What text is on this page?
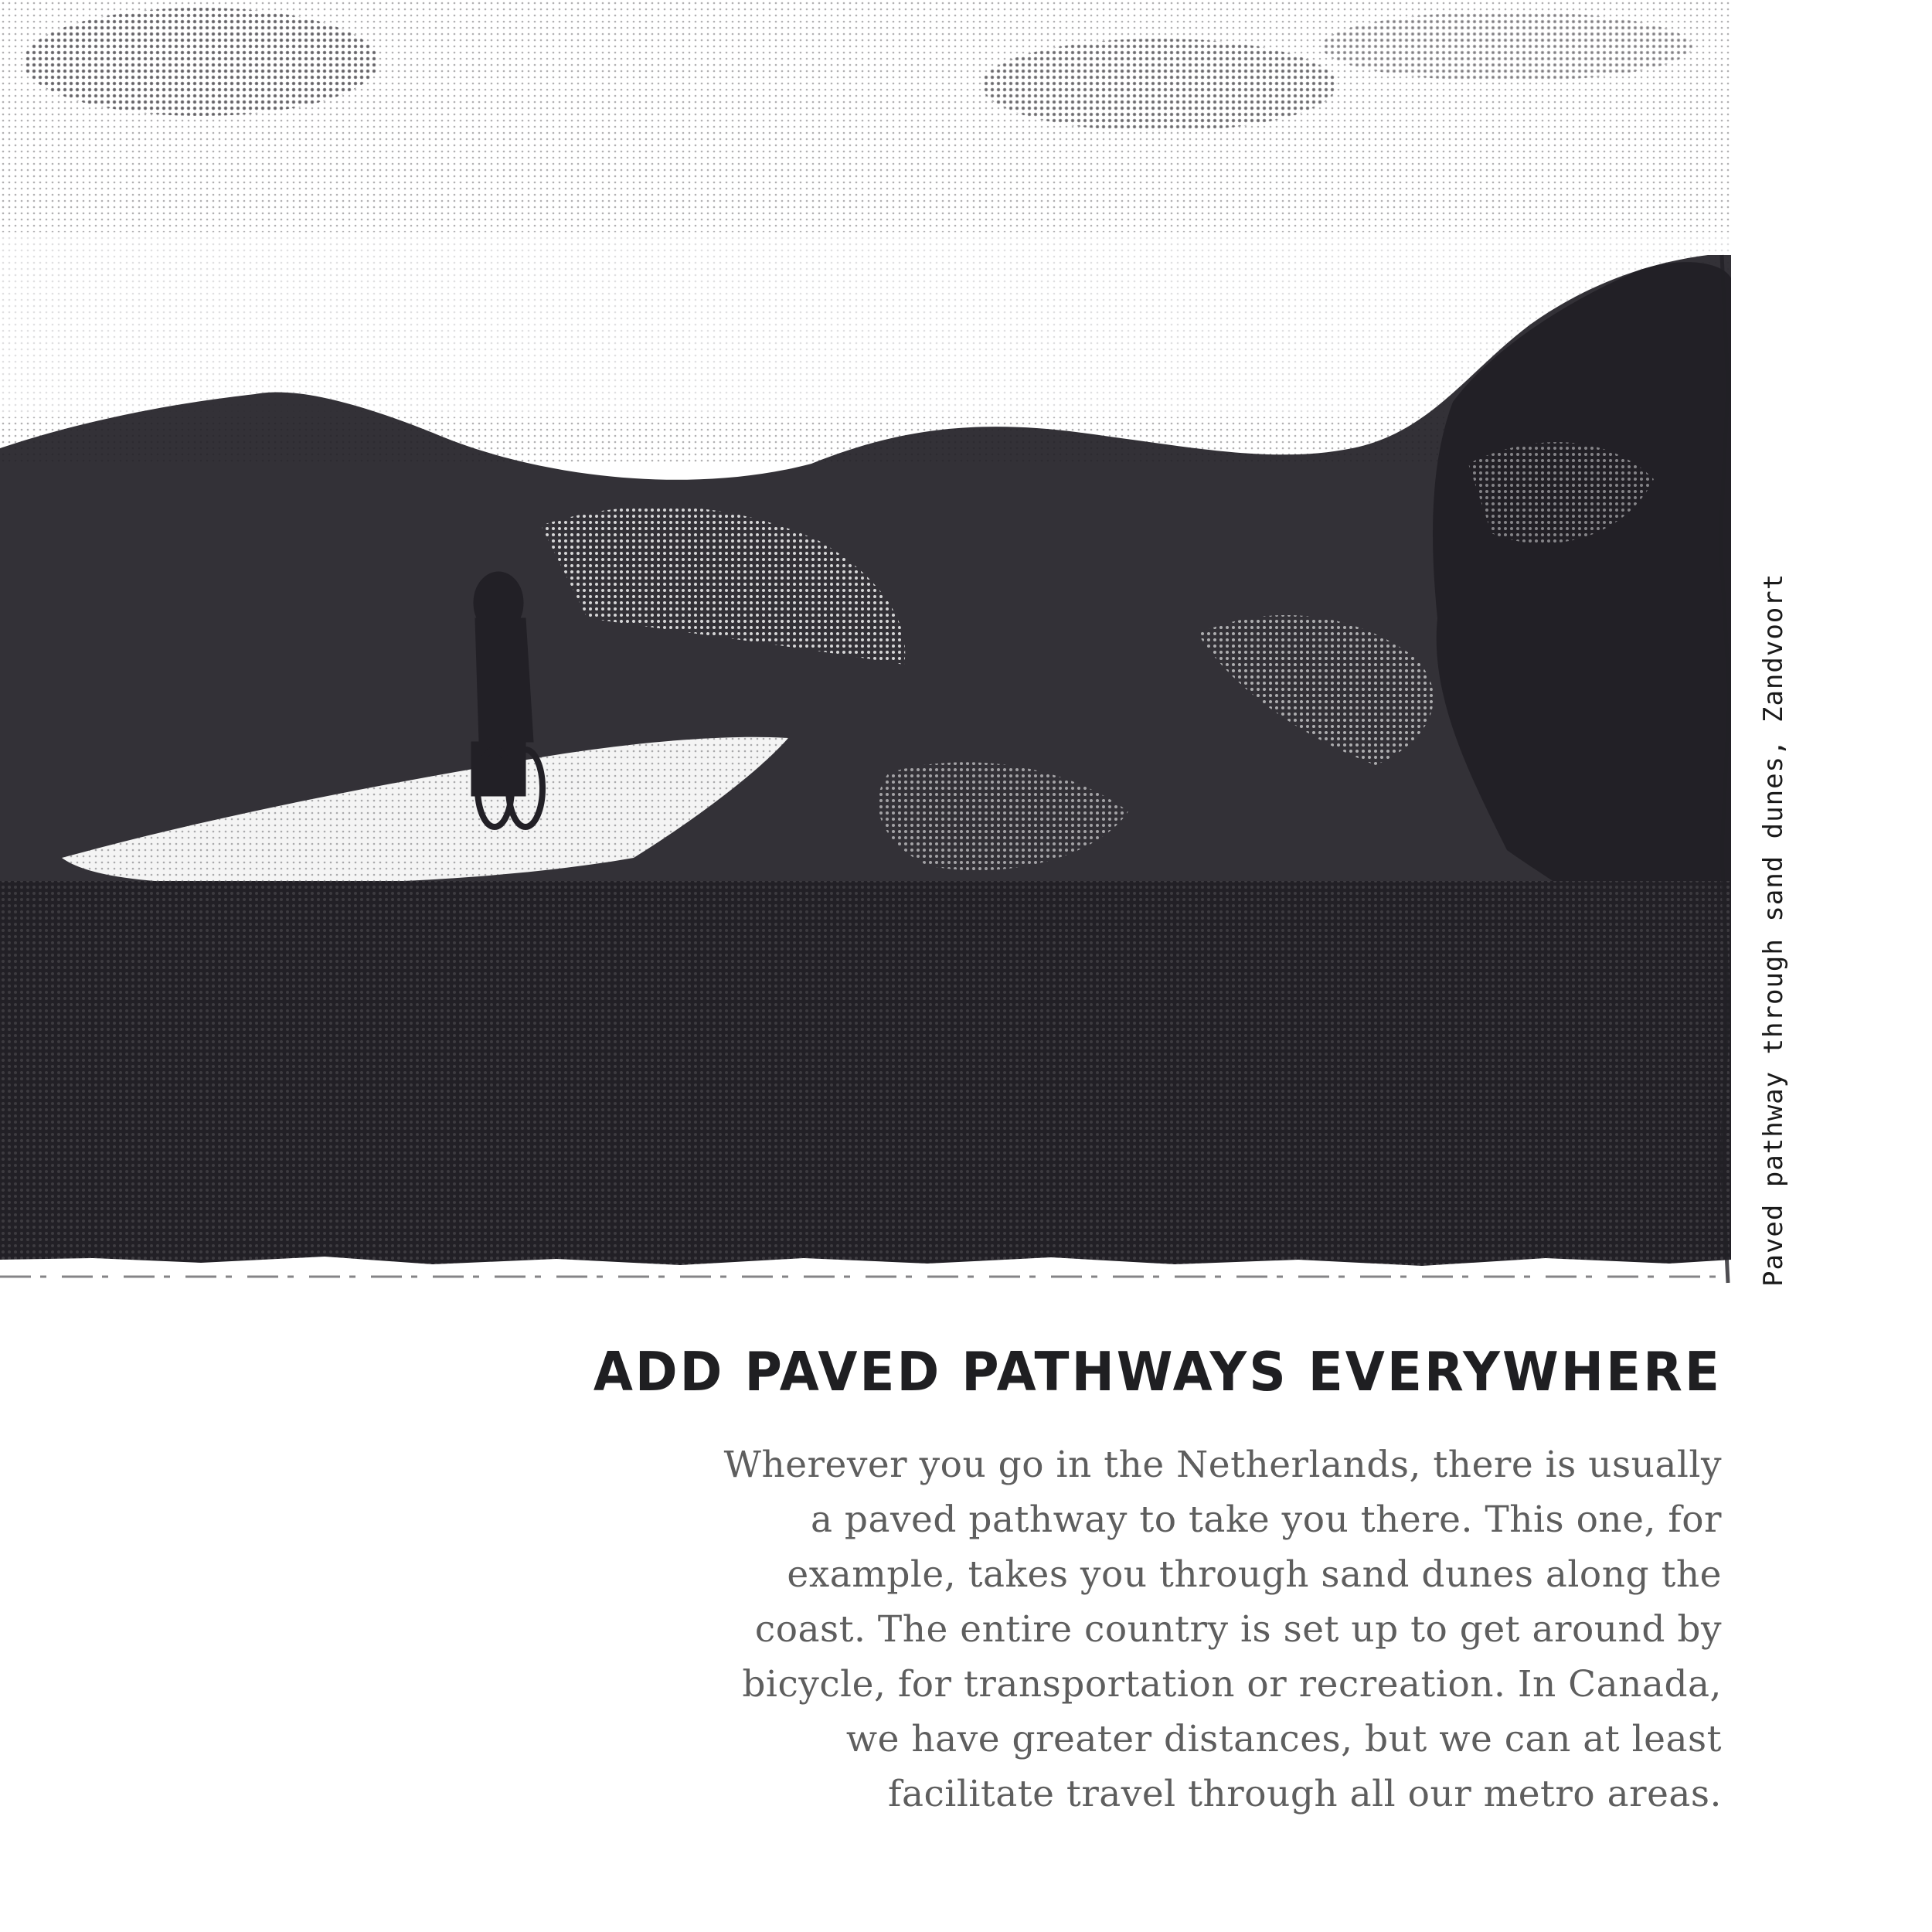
Paved pathway through sand dunes, Zandvoort
ADD PAVED PATHWAYS EVERYWHERE

Wherever you go in the Netherlands, there is usually
a paved pathway to take you there. This one, for
example, takes you through sand dunes along the
coast. The entire country is set up to get around by
bicycle, for transportation or recreation. In Canada,
we have greater distances, but we can at least
facilitate travel through all our metro areas.
